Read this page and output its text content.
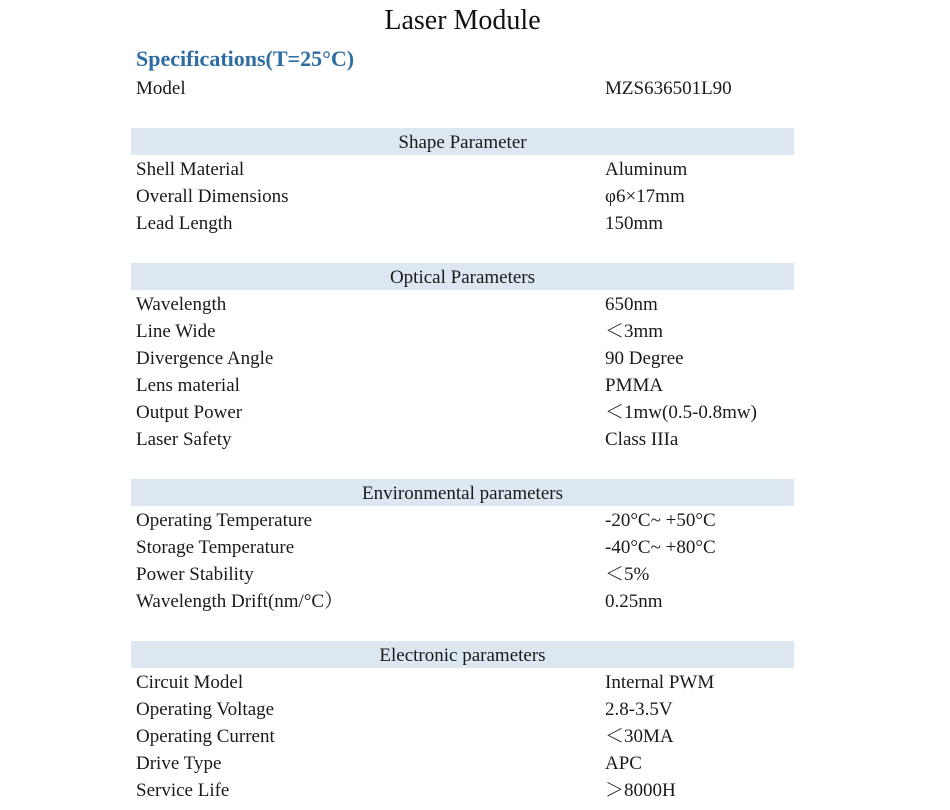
Laser Module
Specifications(T=25°C)
Model	MZS636501L90
Shape Parameter
Shell Material	Aluminum
Overall Dimensions	φ6×17mm
Lead Length	150mm
Optical Parameters
Wavelength	650nm
Line Wide	＜3mm
Divergence Angle	90 Degree
Lens material	PMMA
Output Power	＜1mw(0.5-0.8mw)
Laser Safety	Class IIIa
Environmental parameters
Operating Temperature	-20°C~ +50°C
Storage Temperature	-40°C~ +80°C
Power Stability	＜5%
Wavelength Drift(nm/°C）	0.25nm
Electronic parameters
Circuit Model	Internal PWM
Operating Voltage	2.8-3.5V
Operating Current	＜30MA
Drive Type	APC
Service Life	＞8000H
